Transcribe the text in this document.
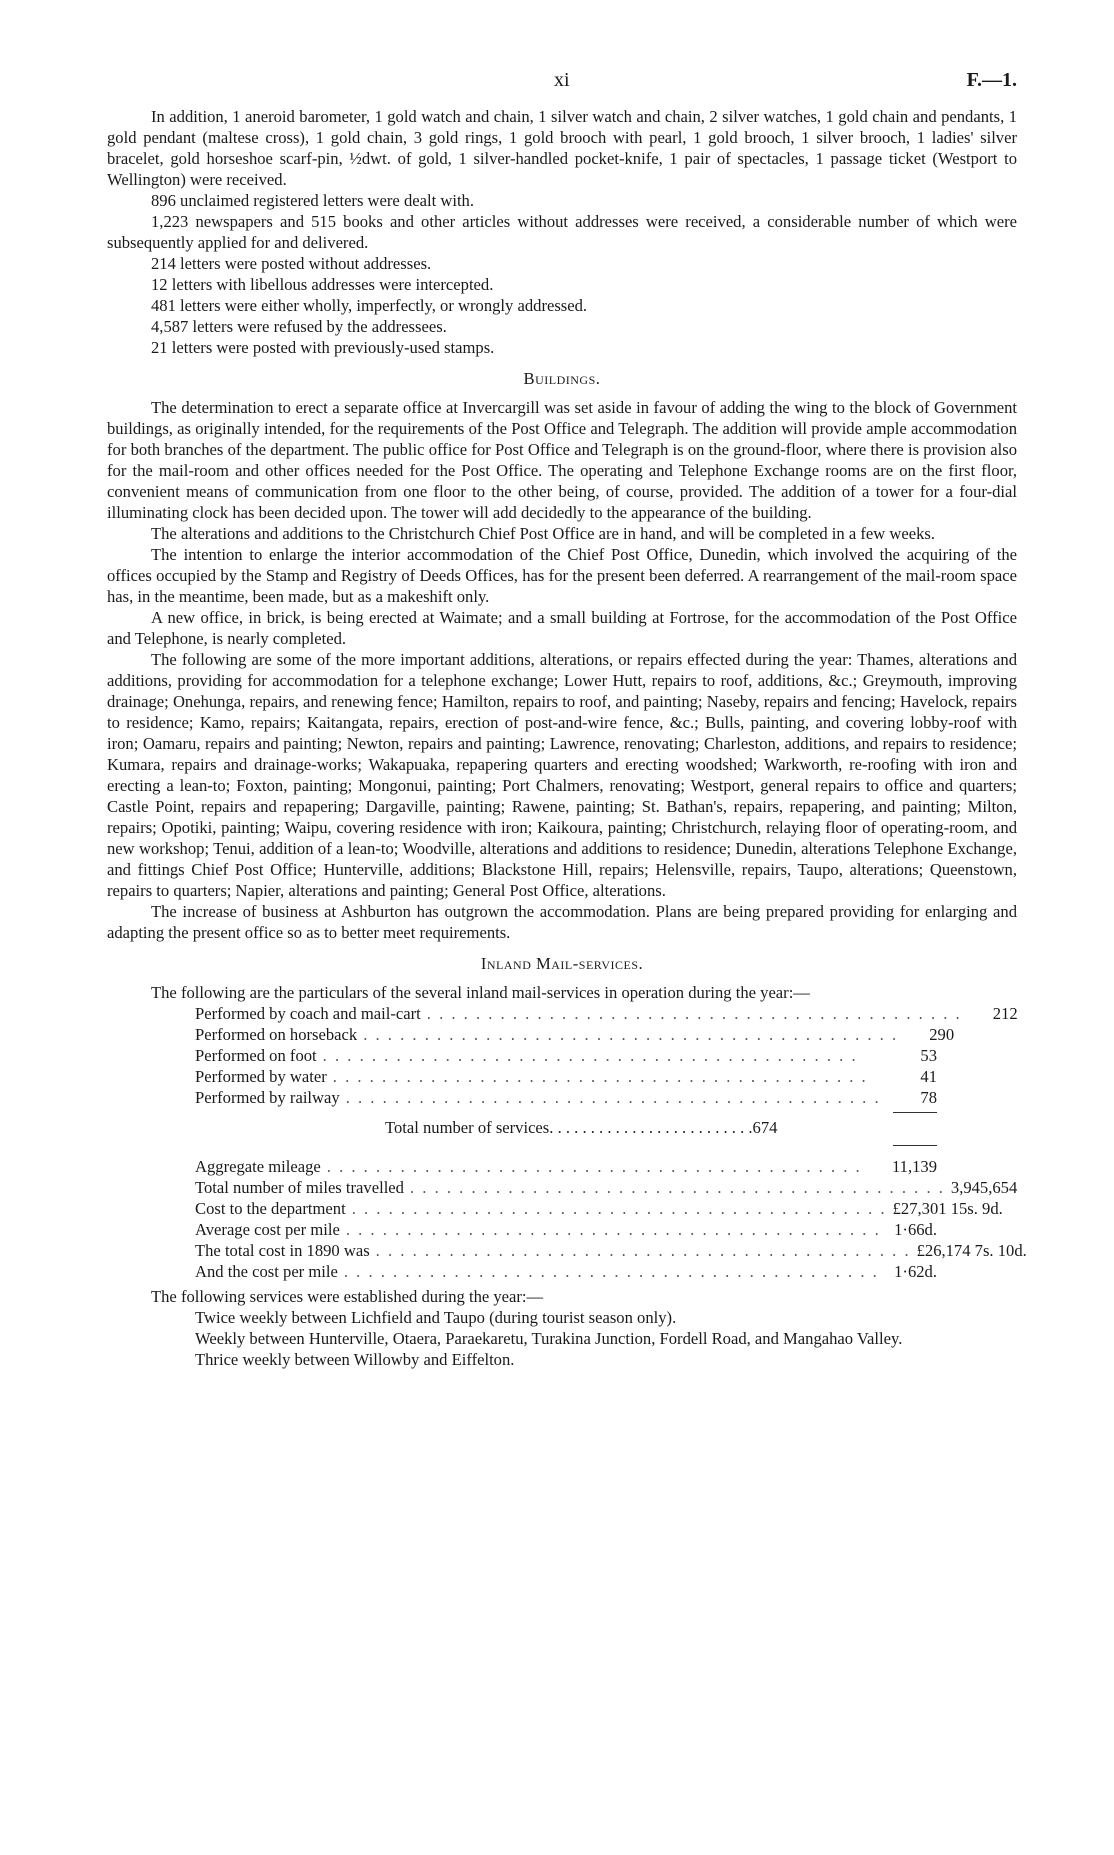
xi	F.—1.

In addition, 1 aneroid barometer, 1 gold watch and chain, 1 silver watch and chain, 2 silver watches, 1 gold chain and pendants, 1 gold pendant (maltese cross), 1 gold chain, 3 gold rings, 1 gold brooch with pearl, 1 gold brooch, 1 silver brooch, 1 ladies' silver bracelet, gold horseshoe scarf-pin, ½dwt. of gold, 1 silver-handled pocket-knife, 1 pair of spectacles, 1 passage ticket (Westport to Wellington) were received.

896 unclaimed registered letters were dealt with.

1,223 newspapers and 515 books and other articles without addresses were received, a considerable number of which were subsequently applied for and delivered.

214 letters were posted without addresses.

12 letters with libellous addresses were intercepted.

481 letters were either wholly, imperfectly, or wrongly addressed.

4,587 letters were refused by the addressees.

21 letters were posted with previously-used stamps.

Buildings.

The determination to erect a separate office at Invercargill was set aside in favour of adding the wing to the block of Government buildings, as originally intended, for the requirements of the Post Office and Telegraph. The addition will provide ample accommodation for both branches of the department. The public office for Post Office and Telegraph is on the ground-floor, where there is provision also for the mail-room and other offices needed for the Post Office. The operating and Telephone Exchange rooms are on the first floor, convenient means of communication from one floor to the other being, of course, provided. The addition of a tower for a four-dial illuminating clock has been decided upon. The tower will add decidedly to the appearance of the building.

The alterations and additions to the Christchurch Chief Post Office are in hand, and will be completed in a few weeks.

The intention to enlarge the interior accommodation of the Chief Post Office, Dunedin, which involved the acquiring of the offices occupied by the Stamp and Registry of Deeds Offices, has for the present been deferred. A rearrangement of the mail-room space has, in the meantime, been made, but as a makeshift only.

A new office, in brick, is being erected at Waimate; and a small building at Fortrose, for the accommodation of the Post Office and Telephone, is nearly completed.

The following are some of the more important additions, alterations, or repairs effected during the year: Thames, alterations and additions, providing for accommodation for a telephone exchange; Lower Hutt, repairs to roof, additions, &c.; Greymouth, improving drainage; Onehunga, repairs, and renewing fence; Hamilton, repairs to roof, and painting; Naseby, repairs and fencing; Havelock, repairs to residence; Kamo, repairs; Kaitangata, repairs, erection of post-and-wire fence, &c.; Bulls, painting, and covering lobby-roof with iron; Oamaru, repairs and painting; Newton, repairs and painting; Lawrence, renovating; Charleston, additions, and repairs to residence; Kumara, repairs and drainage-works; Wakapuaka, repapering quarters and erecting woodshed; Warkworth, re-roofing with iron and erecting a lean-to; Foxton, painting; Mongonui, painting; Port Chalmers, renovating; Westport, general repairs to office and quarters; Castle Point, repairs and repapering; Dargaville, painting; Rawene, painting; St. Bathan's, repairs, repapering, and painting; Milton, repairs; Opotiki, painting; Waipu, covering residence with iron; Kaikoura, painting; Christchurch, relaying floor of operating-room, and new workshop; Tenui, addition of a lean-to; Woodville, alterations and additions to residence; Dunedin, alterations Telephone Exchange, and fittings Chief Post Office; Hunterville, additions; Blackstone Hill, repairs; Helensville, repairs, Taupo, alterations; Queenstown, repairs to quarters; Napier, alterations and painting; General Post Office, alterations.

The increase of business at Ashburton has outgrown the accommodation. Plans are being prepared providing for enlarging and adapting the present office so as to better meet requirements.

Inland Mail-services.

The following are the particulars of the several inland mail-services in operation during the year:—

Performed by coach and mail-cart . . . . . . . . . . . . . . . . . . . . . . . . . . . . . . . . . . . . . . . . . . . .	212
Performed on horseback . . . . . . . . . . . . . . . . . . . . . . . . . . . . . . . . . . . . . . . . . . . .	290
Performed on foot . . . . . . . . . . . . . . . . . . . . . . . . . . . . . . . . . . . . . . . . . . . .	53
Performed by water . . . . . . . . . . . . . . . . . . . . . . . . . . . . . . . . . . . . . . . . . . . .	41
Performed by railway . . . . . . . . . . . . . . . . . . . . . . . . . . . . . . . . . . . . . . . . . . . .	78
Total number of services . . . . . . . . . . . . . . . . . . . . . . . . . 674
Aggregate mileage . . . . . . . . . . . . . . . . . . . . . . . . . . . . . . . . . . . . . . . . . . . .	11,139
Total number of miles travelled . . . . . . . . . . . . . . . . . . . . . . . . . . . . . . . . . . . . . . . . . . . . 3,945,654
Cost to the department . . . . . . . . . . . . . . . . . . . . . . . . . . . . . . . . . . . . . . . . . . . . £27,301 15s. 9d.
Average cost per mile . . . . . . . . . . . . . . . . . . . . . . . . . . . . . . . . . . . . . . . . . . . . 1·66d.
The total cost in 1890 was . . . . . . . . . . . . . . . . . . . . . . . . . . . . . . . . . . . . . . . . . . . . £26,174 7s. 10d.
And the cost per mile . . . . . . . . . . . . . . . . . . . . . . . . . . . . . . . . . . . . . . . . . . . . 1·62d.

The following services were established during the year:—

Twice weekly between Lichfield and Taupo (during tourist season only).

Weekly between Hunterville, Otaera, Paraekaretu, Turakina Junction, Fordell Road, and Mangahao Valley.

Thrice weekly between Willowby and Eiffelton.
